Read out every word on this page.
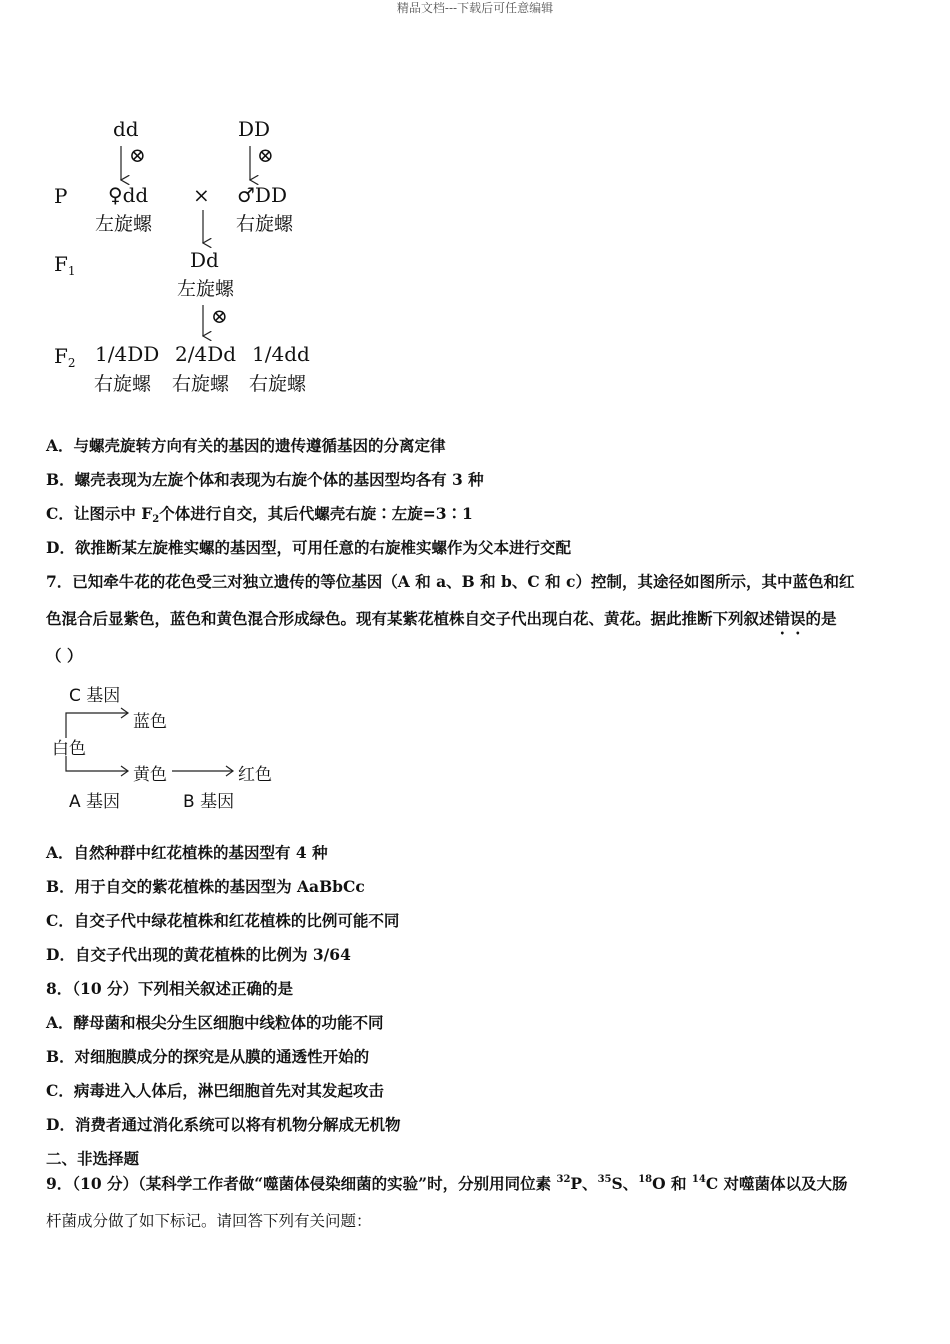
精品文档---下载后可任意编辑
dd	DD
⊗	⊗
P ♀dd × ♂DD
左旋螺	右旋螺
$F_1$	Dd
左旋螺
⊗
$F_2$ 1/4DD 2/4Dd 1/4dd
右旋螺 右旋螺 右旋螺
A．与螺壳旋转方向有关的基因的遗传遵循基因的分离定律
B．螺壳表现为左旋个体和表现为右旋个体的基因型均各有 3 种
C．让图示中 $F_2$个体进行自交，其后代螺壳右旋∶左旋=3∶1
D．欲推断某左旋椎实螺的基因型，可用任意的右旋椎实螺作为父本进行交配
7．已知牵牛花的花色受三对独立遗传的等位基因（A 和 a、B 和 b、C 和 c）控制，其途径如图所示，其中蓝色和红
色混合后显紫色，蓝色和黄色混合形成绿色。现有某紫花植株自交子代出现白花、黄花。据此推断下列叙述错误的是
（ ）
C 基因
蓝色
白色
黄色	红色
A 基因	B 基因
A．自然种群中红花植株的基因型有 4 种
B．用于自交的紫花植株的基因型为 AaBbCc
C．自交子代中绿花植株和红花植株的比例可能不同
D．自交子代出现的黄花植株的比例为 3/64
8．（10 分）下列相关叙述正确的是
A．酵母菌和根尖分生区细胞中线粒体的功能不同
B．对细胞膜成分的探究是从膜的通透性开始的
C．病毒进入人体后，淋巴细胞首先对其发起攻击
D．消费者通过消化系统可以将有机物分解成无机物
二、非选择题
9．（10 分）（某科学工作者做“噬菌体侵染细菌的实验”时，分别用同位素 $^{32}$P、$^{35}$S、$^{18}$O 和 $^{14}$C 对噬菌体以及大肠
杆菌成分做了如下标记。请回答下列有关问题：
